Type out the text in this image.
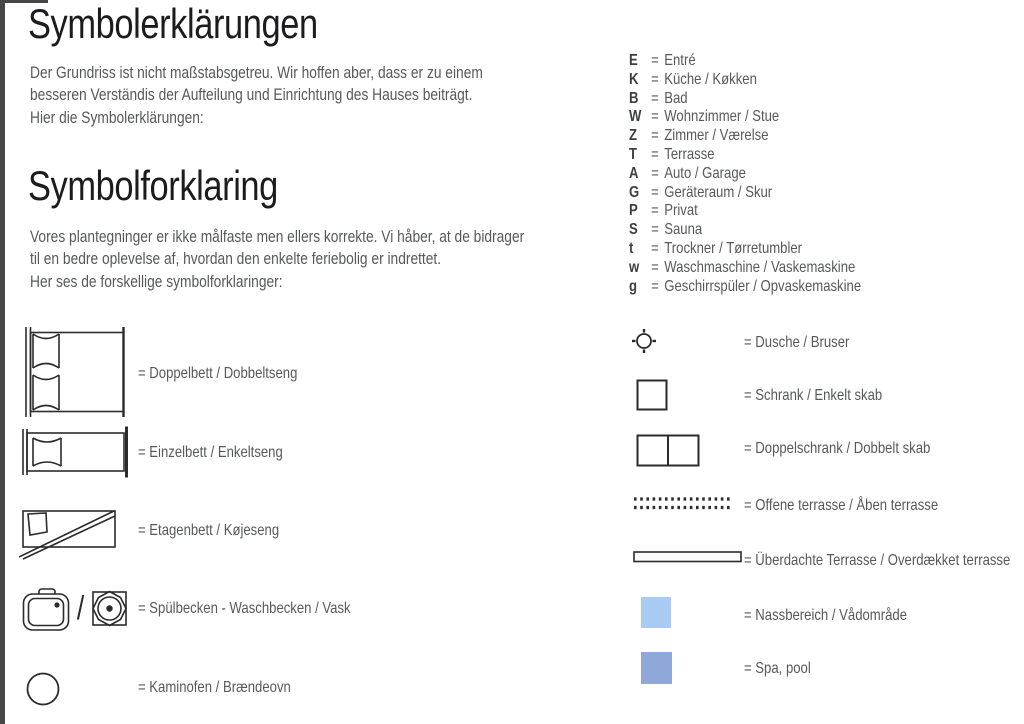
Symbolerklärungen
Der Grundriss ist nicht maßstabsgetreu. Wir hoffen aber, dass er zu einem
besseren Verständis der Aufteilung und Einrichtung des Hauses beiträgt.
Hier die Symbolerklärungen:
Symbolforklaring
Vores plantegninger er ikke målfaste men ellers korrekte. Vi håber, at de bidrager
til en bedre oplevelse af, hvordan den enkelte feriebolig er indrettet.
Her ses de forskellige symbolforklaringer:
E = Entré
K = Küche / Køkken
B = Bad
W = Wohnzimmer / Stue
Z = Zimmer / Værelse
T = Terrasse
A = Auto / Garage
G = Geräteraum / Skur
P = Privat
S = Sauna
t	= Trockner / Tørretumbler
w = Waschmaschine / Vaskemaskine
g = Geschirrspüler / Opvaskemaskine
= Doppelbett / Dobbeltseng
= Einzelbett / Enkeltseng
= Etagenbett / Køjeseng
/	= Spülbecken - Waschbecken / Vask
= Kaminofen / Brændeovn
= Dusche / Bruser
= Schrank / Enkelt skab
= Doppelschrank / Dobbelt skab
= Offene terrasse / Åben terrasse
= Überdachte Terrasse / Overdækket terrasse
= Nassbereich / Vådområde
= Spa, pool
